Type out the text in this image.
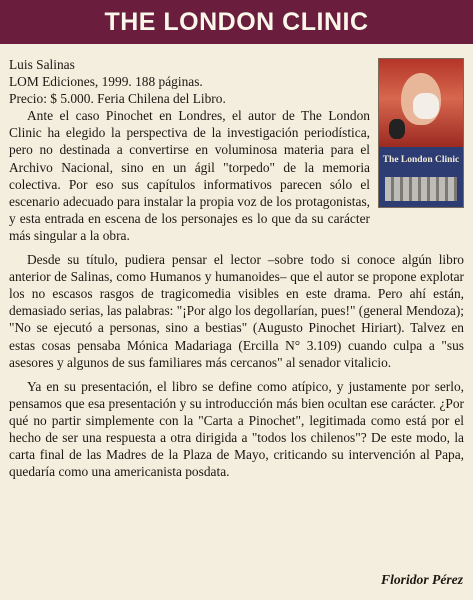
THE LONDON CLINIC
The London Clinic

Luis Salinas

LOM Ediciones, 1999. 188 páginas.

Precio: $ 5.000. Feria Chilena del Libro.

Ante el caso Pinochet en Londres, el autor de The London Clinic ha elegido la perspectiva de la investigación periodística, pero no destinada a convertirse en voluminosa materia para el Archivo Nacional, sino en un ágil "torpedo" de la memoria colectiva. Por eso sus capítulos informativos parecen sólo el escenario adecuado para instalar la propia voz de los protagonistas, y esta entrada en escena de los personajes es lo que da su carácter más singular a la obra.

Desde su título, pudiera pensar el lector –sobre todo si conoce algún libro anterior de Salinas, como Humanos y humanoides– que el autor se propone explotar los no escasos rasgos de tragicomedia visibles en este drama. Pero ahí están, demasiado serias, las palabras: "¡Por algo los degollarían, pues!" (general Mendoza); "No se ejecutó a personas, sino a bestias" (Augusto Pinochet Hiriart). Talvez en estas cosas pensaba Mónica Madariaga (Ercilla N° 3.109) cuando culpa a "sus asesores y algunos de sus familiares más cercanos" al senador vitalicio.

Ya en su presentación, el libro se define como atípico, y justamente por serlo, pensamos que esa presentación y su introducción más bien ocultan ese carácter. ¿Por qué no partir simplemente con la "Carta a Pinochet", legitimada como está por el hecho de ser una respuesta a otra dirigida a "todos los chilenos"? De este modo, la carta final de las Madres de la Plaza de Mayo, criticando su intervención al Papa, quedaría como una americanista posdata.

Floridor Pérez
